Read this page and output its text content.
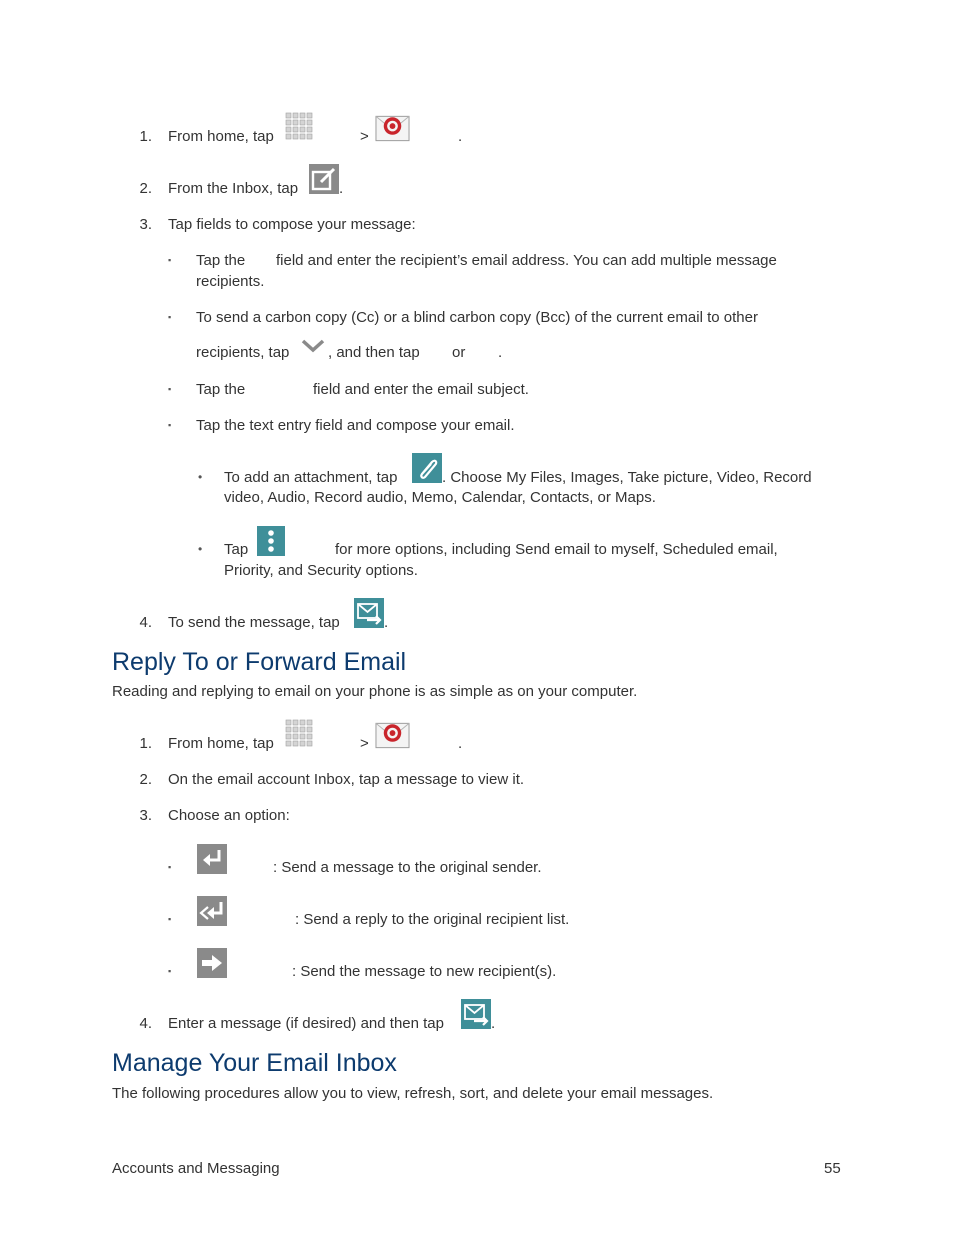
1. From home, tap	>	.
2. From the Inbox, tap	.
3. Tap fields to compose your message:
▪ Tap the field and enter the recipient’s email address. You can add multiple message
recipients.
▪ To send a carbon copy (Cc) or a blind carbon copy (Bcc) of the current email to other
recipients, tap	, and then tap or .
▪ Tap the	field and enter the email subject.
▪ Tap the text entry field and compose your email.
• To add an attachment, tap	. Choose My Files, Images, Take picture, Video, Record
video, Audio, Record audio, Memo, Calendar, Contacts, or Maps.
• Tap	for more options, including Send email to myself, Scheduled email,
Priority, and Security options.
4. To send the message, tap	.
Reply To or Forward Email
Reading and replying to email on your phone is as simple as on your computer.
1. From home, tap	>	.
2. On the email account Inbox, tap a message to view it.
3. Choose an option:
▪	: Send a message to the original sender.
▪	: Send a reply to the original recipient list.
▪	: Send the message to new recipient(s).
4. Enter a message (if desired) and then tap	.
Manage Your Email Inbox
The following procedures allow you to view, refresh, sort, and delete your email messages.
Accounts and Messaging	55
